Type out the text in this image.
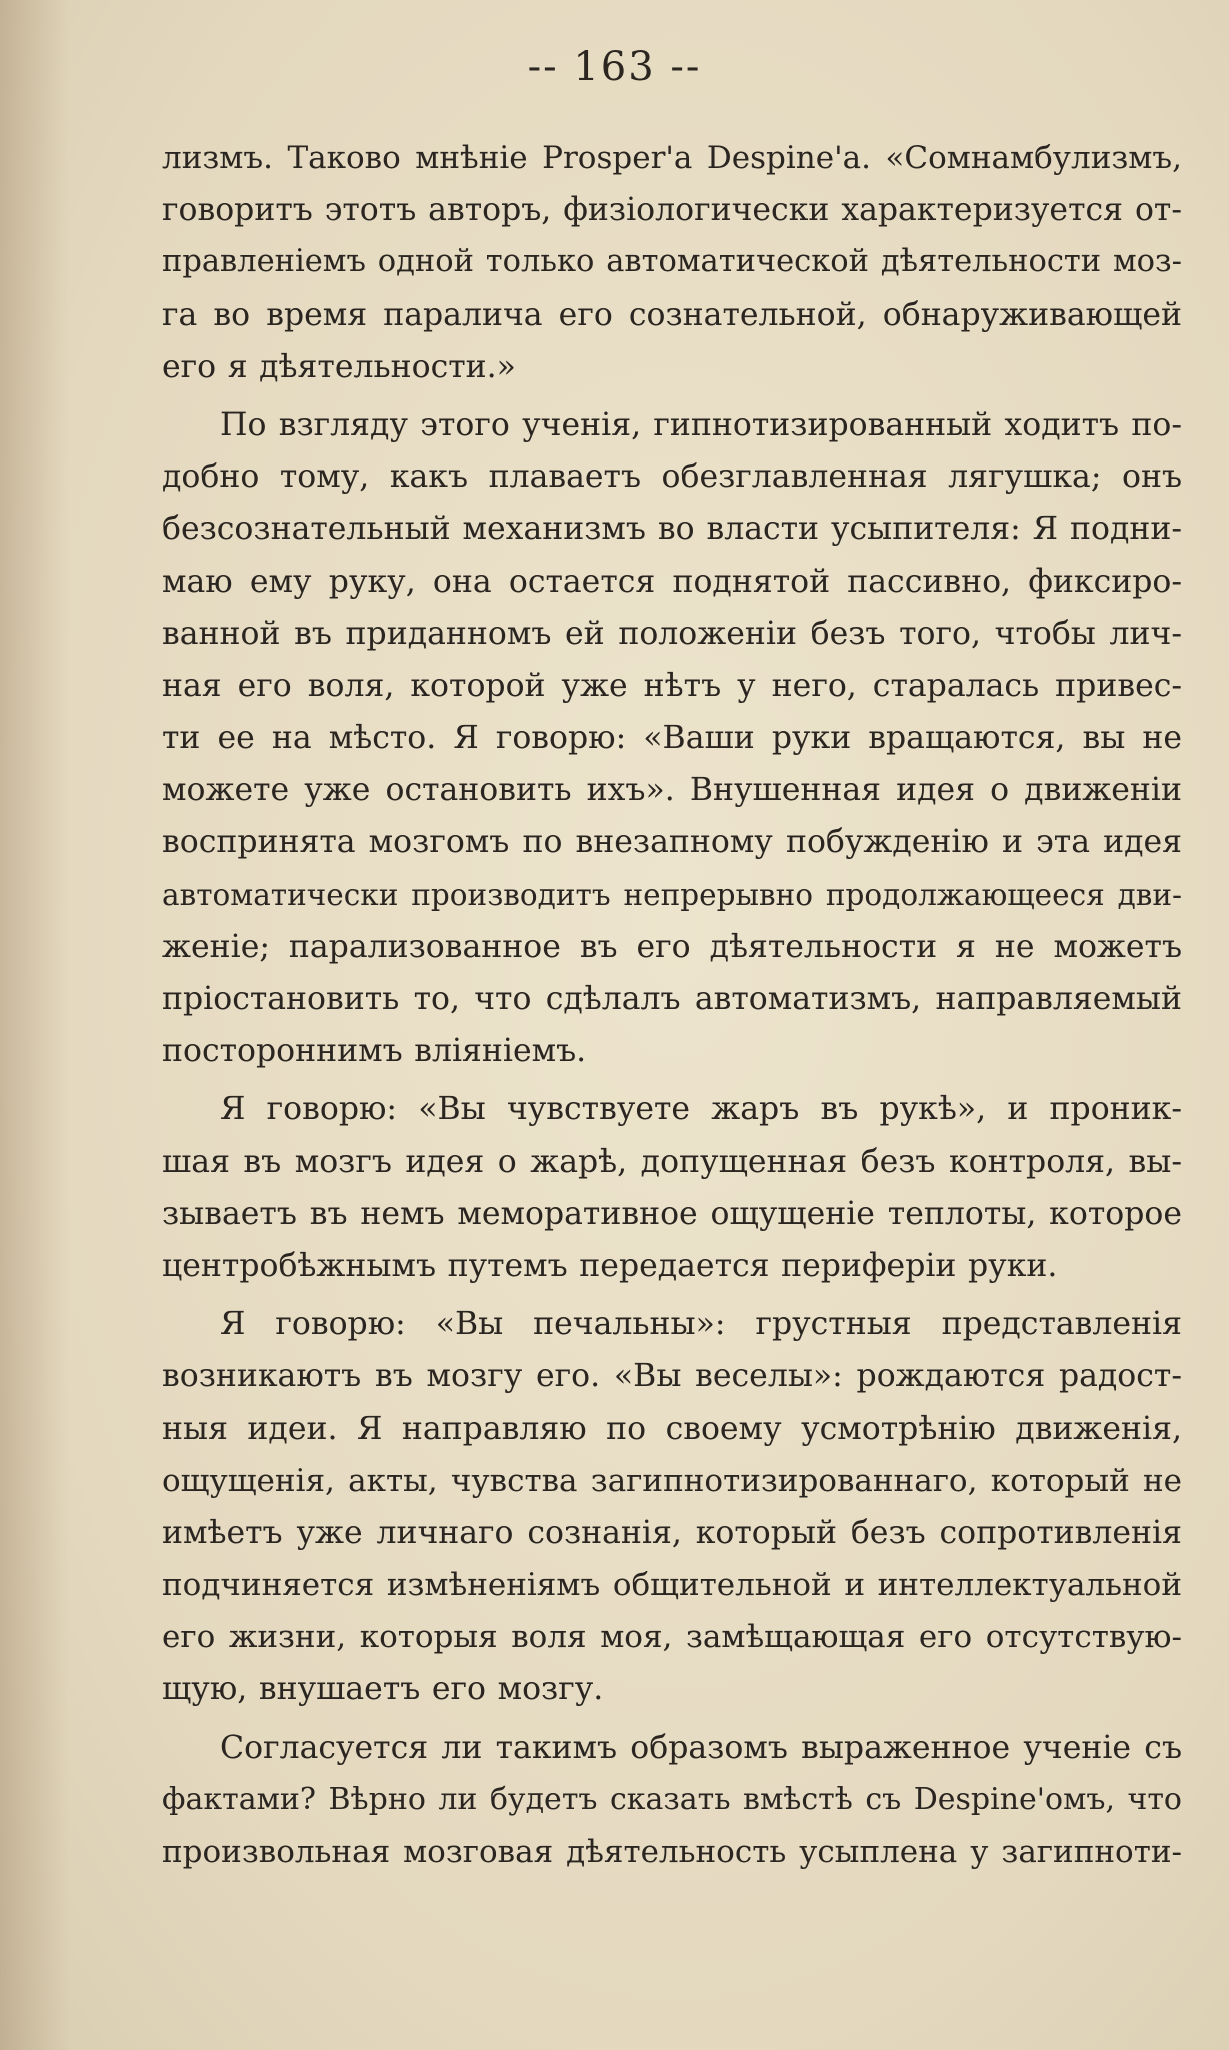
-- 163 --
лизмъ. Таково мнѣніе Prosper'a Despine'a. «Сомнамбулизмъ,
говоритъ этотъ авторъ, физіологически характеризуется от-
правленіемъ одной только автоматической дѣятельности моз-
га во время паралича его сознательной, обнаруживающей
его я дѣятельности.»
По взгляду этого ученія, гипнотизированный ходитъ по-
добно тому, какъ плаваетъ обезглавленная лягушка; онъ
безсознательный механизмъ во власти усыпителя: Я подни-
маю ему руку, она остается поднятой пассивно, фиксиро-
ванной въ приданномъ ей положеніи безъ того, чтобы лич-
ная его воля, которой уже нѣтъ у него, старалась привес-
ти ее на мѣсто. Я говорю: «Ваши руки вращаются, вы не
можете уже остановить ихъ». Внушенная идея о движеніи
воспринята мозгомъ по внезапному побужденію и эта идея
автоматически производитъ непрерывно продолжающееся дви-
женіе; парализованное въ его дѣятельности я не можетъ
пріостановить то, что сдѣлалъ автоматизмъ, направляемый
постороннимъ вліяніемъ.
Я говорю: «Вы чувствуете жаръ въ рукѣ», и проник-
шая въ мозгъ идея о жарѣ, допущенная безъ контроля, вы-
зываетъ въ немъ меморативное ощущеніе теплоты, которое
центробѣжнымъ путемъ передается периферіи руки.
Я говорю: «Вы печальны»: грустныя представленія
возникаютъ въ мозгу его. «Вы веселы»: рождаются радост-
ныя идеи. Я направляю по своему усмотрѣнію движенія,
ощущенія, акты, чувства загипнотизированнаго, который не
имѣетъ уже личнаго сознанія, который безъ сопротивленія
подчиняется измѣненіямъ общительной и интеллектуальной
его жизни, которыя воля моя, замѣщающая его отсутствую-
щую, внушаетъ его мозгу.
Согласуется ли такимъ образомъ выраженное ученіе съ
фактами? Вѣрно ли будетъ сказать вмѣстѣ съ Despine'омъ, что
произвольная мозговая дѣятельность усыплена у загипноти-
